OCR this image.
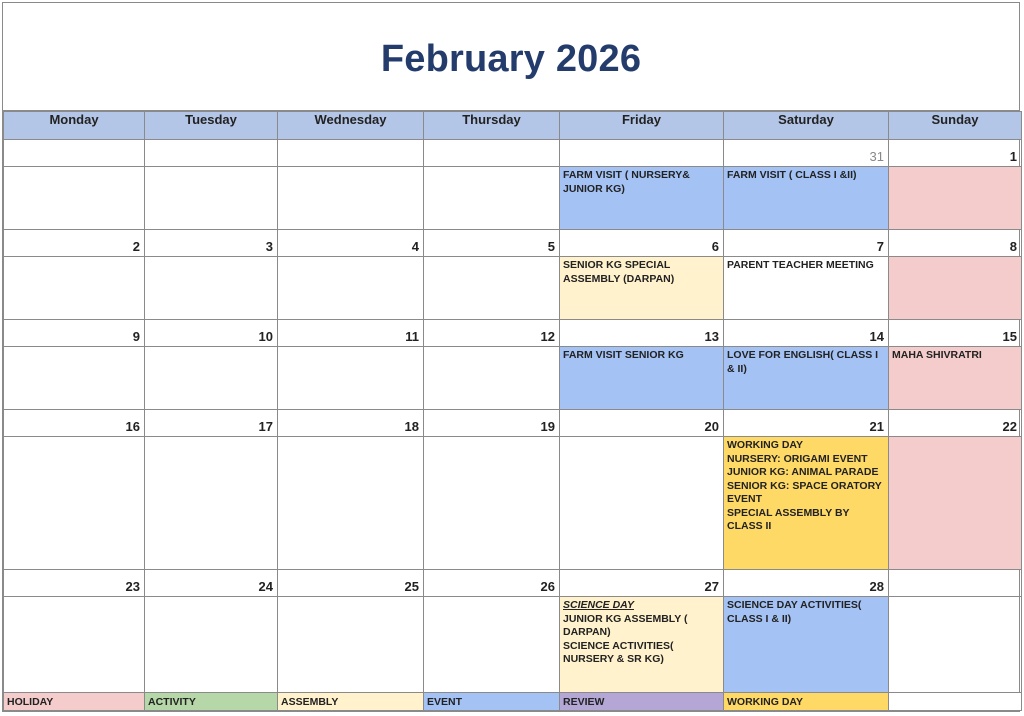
February 2026
Monday	Tuesday	Wednesday	Thursday	Friday	Saturday	Sunday

					31	1

				FARM VISIT ( NURSERY& JUNIOR KG)	FARM VISIT ( CLASS I &II)	

2	3	4	5	6	7	8

				SENIOR KG SPECIAL ASSEMBLY (DARPAN)	PARENT TEACHER MEETING	

9	10	11	12	13	14	15

				FARM VISIT SENIOR KG	LOVE FOR ENGLISH( CLASS I & II)	MAHA SHIVRATRI

16	17	18	19	20	21	22

					WORKING DAY
NURSERY: ORIGAMI EVENT
JUNIOR KG: ANIMAL PARADE
SENIOR KG: SPACE ORATORY EVENT
SPECIAL ASSEMBLY BY CLASS II	

23	24	25	26	27	28	

				SCIENCE DAY
JUNIOR KG ASSEMBLY ( DARPAN)
SCIENCE ACTIVITIES( NURSERY & SR KG)	SCIENCE DAY ACTIVITIES( CLASS I & II)	

HOLIDAY	ACTIVITY	ASSEMBLY	EVENT	REVIEW	WORKING DAY	
